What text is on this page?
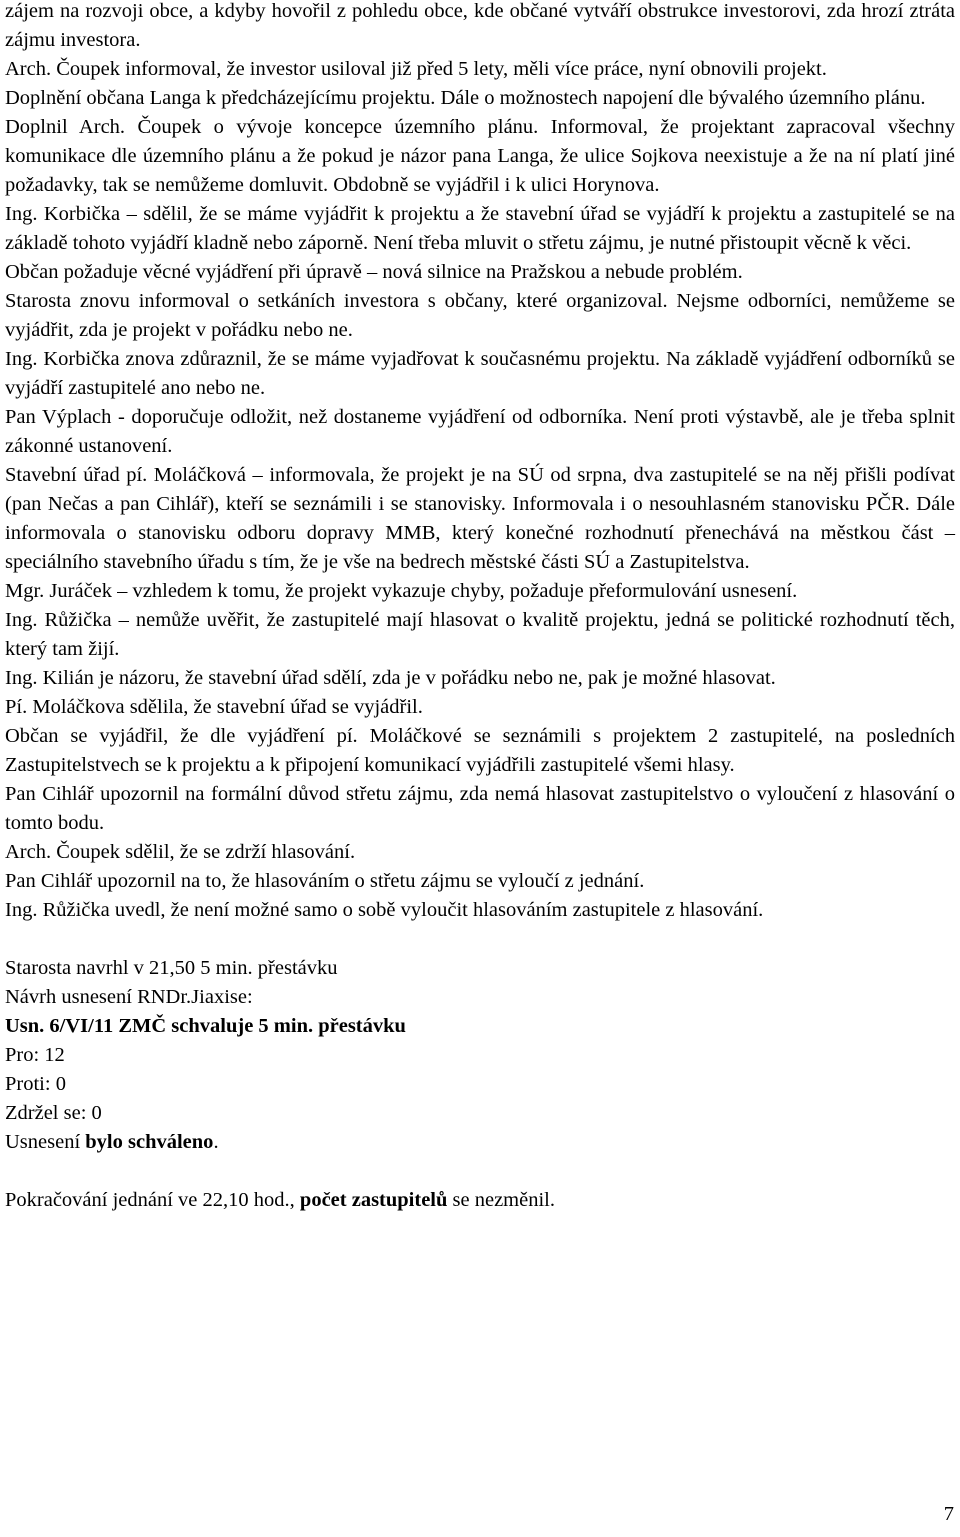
zájem na rozvoji obce, a kdyby hovořil z pohledu obce, kde občané vytváří obstrukce investorovi, zda hrozí ztráta zájmu investora.

Arch. Čoupek informoval, že investor usiloval již před 5 lety, měli více práce, nyní obnovili projekt.

Doplnění občana Langa k předcházejícímu projektu. Dále o možnostech napojení dle bývalého územního plánu.

Doplnil Arch. Čoupek o vývoje koncepce územního plánu. Informoval, že projektant zapracoval všechny komunikace dle územního plánu a že pokud je názor pana Langa, že ulice Sojkova neexistuje a že na ní platí jiné požadavky, tak se nemůžeme domluvit. Obdobně se vyjádřil i k ulici Horynova.

Ing. Korbička – sdělil, že se máme vyjádřit k projektu a že stavební úřad se vyjádří k projektu a zastupitelé se na základě tohoto vyjádří kladně nebo záporně. Není třeba mluvit o střetu zájmu, je nutné přistoupit věcně k věci.

Občan požaduje věcné vyjádření při úpravě – nová silnice na Pražskou a nebude problém.

Starosta znovu informoval o setkáních investora s občany, které organizoval. Nejsme odborníci, nemůžeme se vyjádřit, zda je projekt v pořádku nebo ne.

Ing. Korbička znova zdůraznil, že se máme vyjadřovat k současnému projektu. Na základě vyjádření odborníků se vyjádří zastupitelé ano nebo ne.

Pan Výplach - doporučuje odložit, než dostaneme vyjádření od odborníka. Není proti výstavbě, ale je třeba splnit zákonné ustanovení.

Stavební úřad pí. Moláčková – informovala, že projekt je na SÚ od srpna, dva zastupitelé se na něj přišli podívat (pan Nečas a pan Cihlář), kteří se seznámili i se stanovisky. Informovala i o nesouhlasném stanovisku PČR. Dále informovala o stanovisku odboru dopravy MMB, který konečné rozhodnutí přenechává na městkou část – speciálního stavebního úřadu s tím, že je vše na bedrech městské části SÚ a Zastupitelstva.

Mgr. Juráček – vzhledem k tomu, že projekt vykazuje chyby, požaduje přeformulování usnesení.

Ing. Růžička – nemůže uvěřit, že zastupitelé mají hlasovat o kvalitě projektu, jedná se politické rozhodnutí těch, který tam žijí.

Ing. Kilián je názoru, že stavební úřad sdělí, zda je v pořádku nebo ne, pak je možné hlasovat.

Pí. Moláčkova sdělila, že stavební úřad se vyjádřil.

Občan se vyjádřil, že dle vyjádření pí. Moláčkové se seznámili s projektem 2 zastupitelé, na posledních Zastupitelstvech se k projektu a k připojení komunikací vyjádřili zastupitelé všemi hlasy.

Pan Cihlář upozornil na formální důvod střetu zájmu, zda nemá hlasovat zastupitelstvo o vyloučení z hlasování o tomto bodu.

Arch. Čoupek sdělil, že se zdrží hlasování.

Pan Cihlář upozornil na to, že hlasováním o střetu zájmu se vyloučí z jednání.

Ing. Růžička uvedl, že není možné samo o sobě vyloučit hlasováním zastupitele z hlasování.

Starosta navrhl v 21,50 5 min. přestávku

Návrh usnesení RNDr.Jiaxise:

Usn. 6/VI/11 ZMČ schvaluje 5 min. přestávku

Pro: 12

Proti: 0

Zdržel se: 0

Usnesení bylo schváleno.

Pokračování jednání ve 22,10 hod., počet zastupitelů se nezměnil.

7
